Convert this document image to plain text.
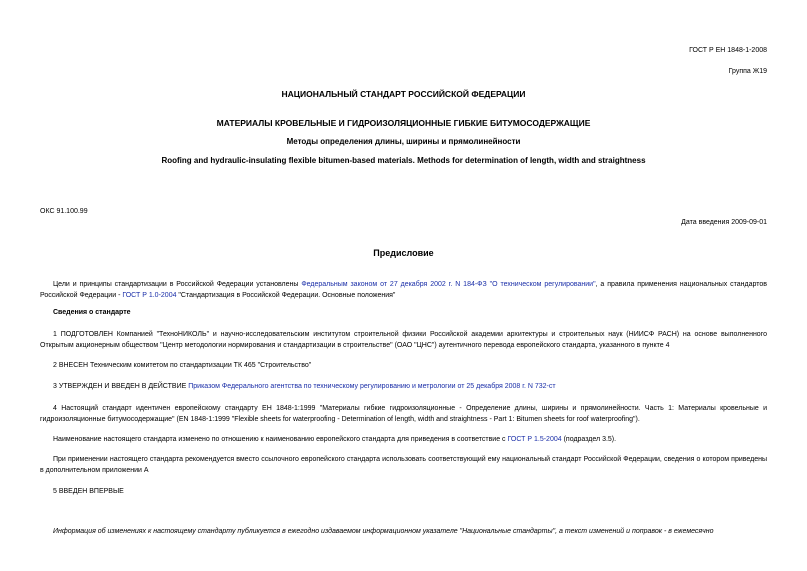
ГОСТ Р ЕН 1848-1-2008
Группа Ж19
НАЦИОНАЛЬНЫЙ СТАНДАРТ РОССИЙСКОЙ ФЕДЕРАЦИИ
МАТЕРИАЛЫ КРОВЕЛЬНЫЕ И ГИДРОИЗОЛЯЦИОННЫЕ ГИБКИЕ БИТУМОСОДЕРЖАЩИЕ
Методы определения длины, ширины и прямолинейности
Roofing and hydraulic-insulating flexible bitumen-based materials. Methods for determination of length, width and straightness
ОКС 91.100.99
Дата введения 2009-09-01
Предисловие
Цели и принципы стандартизации в Российской Федерации установлены Федеральным законом от 27 декабря 2002 г. N 184-ФЗ "О техническом регулировании", а правила применения национальных стандартов Российской Федерации - ГОСТ Р 1.0-2004 "Стандартизация в Российской Федерации. Основные положения"
Сведения о стандарте
1 ПОДГОТОВЛЕН Компанией "ТехноНИКОЛЬ" и научно-исследовательским институтом строительной физики Российской академии архитектуры и строительных наук (НИИСФ РАСН) на основе выполненного Открытым акционерным обществом "Центр методологии нормирования и стандартизации в строительстве" (ОАО "ЦНС") аутентичного перевода европейского стандарта, указанного в пункте 4
2 ВНЕСЕН Техническим комитетом по стандартизации ТК 465 "Строительство"
3 УТВЕРЖДЕН И ВВЕДЕН В ДЕЙСТВИЕ Приказом Федерального агентства по техническому регулированию и метрологии от 25 декабря 2008 г. N 732-ст
4 Настоящий стандарт идентичен европейскому стандарту ЕН 1848-1:1999 "Материалы гибкие гидроизоляционные - Определение длины, ширины и прямолинейности. Часть 1: Материалы кровельные и гидроизоляционные битумосодержащие" (EN 1848-1:1999 "Flexible sheets for waterproofing - Determination of length, width and straightness - Part 1: Bitumen sheets for roof waterproofing").
Наименование настоящего стандарта изменено по отношению к наименованию европейского стандарта для приведения в соответствие с ГОСТ Р 1.5-2004 (подраздел 3.5).
При применении настоящего стандарта рекомендуется вместо ссылочного европейского стандарта использовать соответствующий ему национальный стандарт Российской Федерации, сведения о котором приведены в дополнительном приложении А
5 ВВЕДЕН ВПЕРВЫЕ
Информация об изменениях к настоящему стандарту публикуется в ежегодно издаваемом информационном указателе "Национальные стандарты", а текст изменений и поправок - в ежемесячно
